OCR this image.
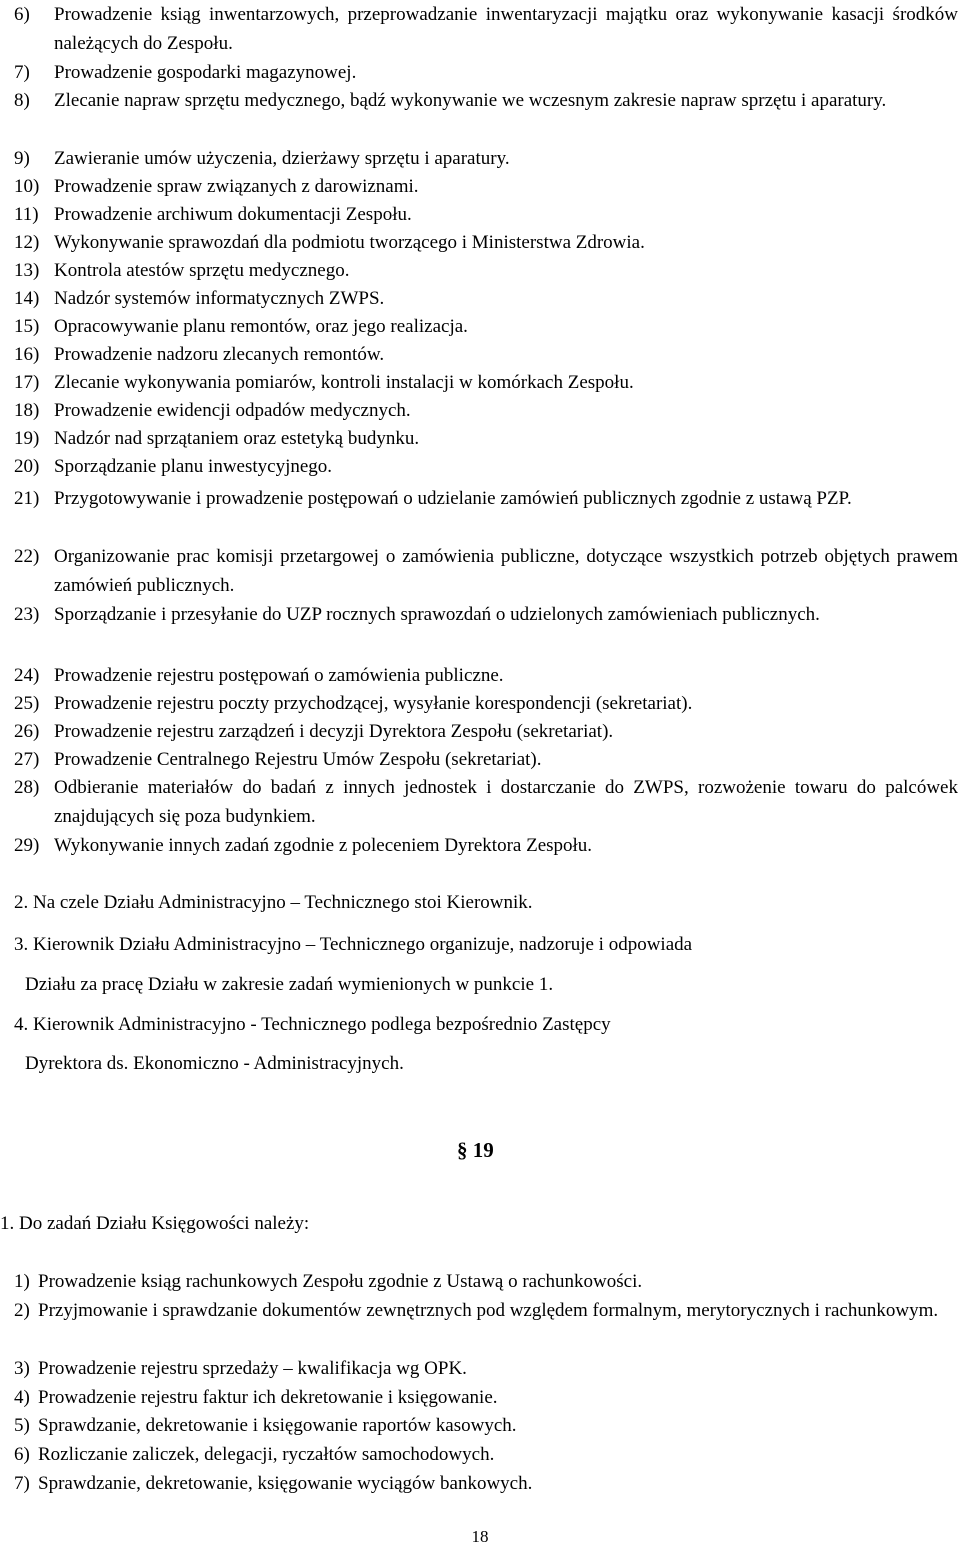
6)	Prowadzenie ksiąg inwentarzowych, przeprowadzanie inwentaryzacji majątku oraz wykonywanie kasacji środków należących do Zespołu.
7)	Prowadzenie gospodarki magazynowej.
8)	Zlecanie napraw sprzętu medycznego, bądź wykonywanie we wczesnym zakresie napraw sprzętu i aparatury.
9)	Zawieranie umów użyczenia, dzierżawy sprzętu i aparatury.
10) Prowadzenie spraw związanych z darowiznami.
11) Prowadzenie archiwum dokumentacji Zespołu.
12) Wykonywanie sprawozdań dla podmiotu tworzącego i Ministerstwa Zdrowia.
13) Kontrola atestów sprzętu medycznego.
14) Nadzór systemów informatycznych ZWPS.
15) Opracowywanie planu remontów, oraz jego realizacja.
16) Prowadzenie nadzoru zlecanych remontów.
17) Zlecanie wykonywania pomiarów, kontroli instalacji w komórkach Zespołu.
18) Prowadzenie ewidencji odpadów medycznych.
19) Nadzór nad sprzątaniem oraz estetyką budynku.
20) Sporządzanie planu inwestycyjnego.
21) Przygotowywanie i prowadzenie postępowań o udzielanie zamówień publicznych zgodnie z ustawą PZP.
22) Organizowanie prac komisji przetargowej o zamówienia publiczne, dotyczące wszystkich potrzeb objętych prawem zamówień publicznych.
23) Sporządzanie i przesyłanie do UZP rocznych sprawozdań o udzielonych zamówieniach publicznych.
24) Prowadzenie rejestru postępowań o zamówienia publiczne.
25) Prowadzenie rejestru poczty przychodzącej, wysyłanie korespondencji (sekretariat).
26) Prowadzenie rejestru zarządzeń i decyzji Dyrektora Zespołu (sekretariat).
27) Prowadzenie Centralnego Rejestru Umów Zespołu (sekretariat).
28) Odbieranie materiałów do badań z innych jednostek i dostarczanie do ZWPS, rozwożenie towaru do palcówek znajdujących się poza budynkiem.
29) Wykonywanie innych zadań zgodnie z poleceniem Dyrektora Zespołu.
2. Na czele Działu Administracyjno – Technicznego stoi Kierownik.
3. Kierownik Działu Administracyjno – Technicznego organizuje, nadzoruje i odpowiada
Działu za pracę Działu w zakresie zadań wymienionych w punkcie 1.
4. Kierownik Administracyjno - Technicznego podlega bezpośrednio Zastępcy
Dyrektora ds. Ekonomiczno - Administracyjnych.
§ 19
1. Do zadań Działu Księgowości należy:
1) Prowadzenie ksiąg rachunkowych Zespołu zgodnie z Ustawą o rachunkowości.
2) Przyjmowanie i sprawdzanie dokumentów zewnętrznych pod względem formalnym, merytorycznych i rachunkowym.
3) Prowadzenie rejestru sprzedaży – kwalifikacja wg OPK.
4) Prowadzenie rejestru faktur ich dekretowanie i księgowanie.
5) Sprawdzanie, dekretowanie i księgowanie raportów kasowych.
6) Rozliczanie zaliczek, delegacji, ryczałtów samochodowych.
7) Sprawdzanie, dekretowanie, księgowanie wyciągów bankowych.
18
